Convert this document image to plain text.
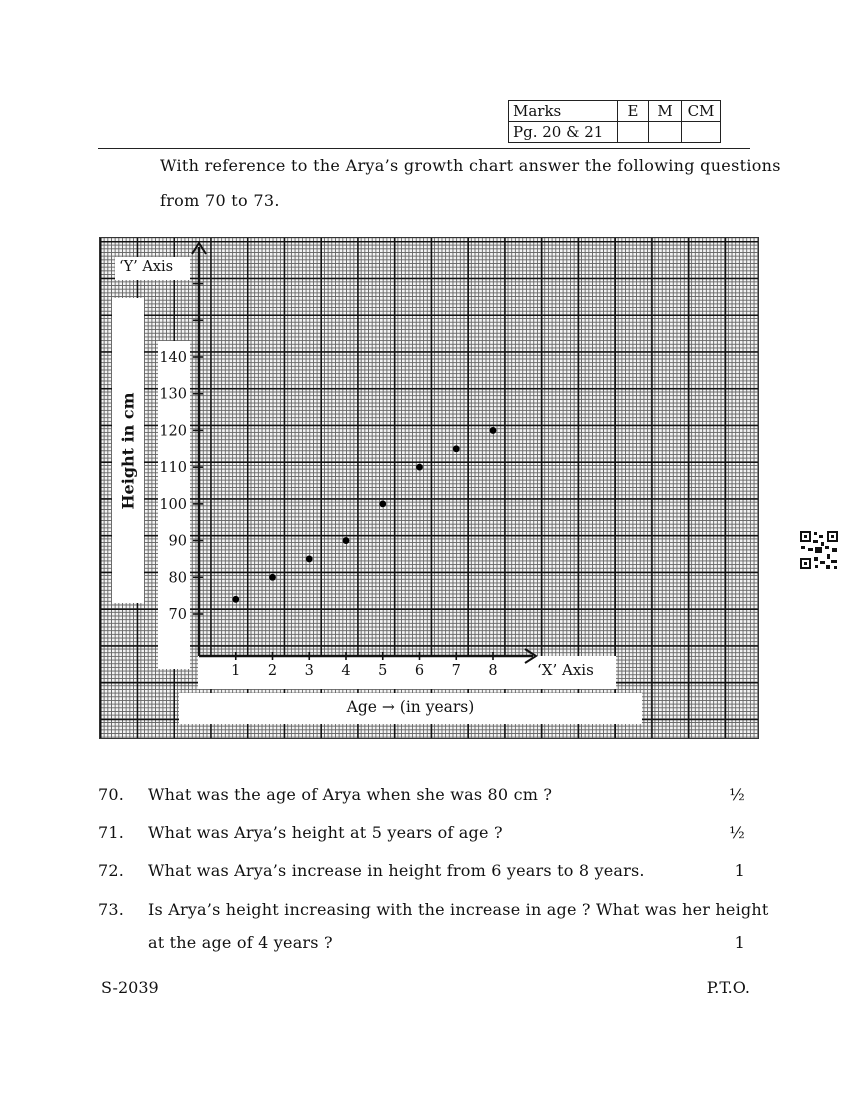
Marks	E	M	CM
Pg. 20 & 21			
With reference to the Arya’s growth chart answer the following questions
from 70 to 73.
‘Y’ Axis
Height in cm
‘X’ Axis
Age → (in years)
70
80
90
100
110
120
130
140
1 2 3 4 5 6 7 8
70. What was the age of Arya when she was 80 cm ?	½
71. What was Arya’s height at 5 years of age ?	½
72. What was Arya’s increase in height from 6 years to 8 years.	1
73. Is Arya’s height increasing with the increase in age ? What was her height
at the age of 4 years ?	1
S-2039	P.T.O.
